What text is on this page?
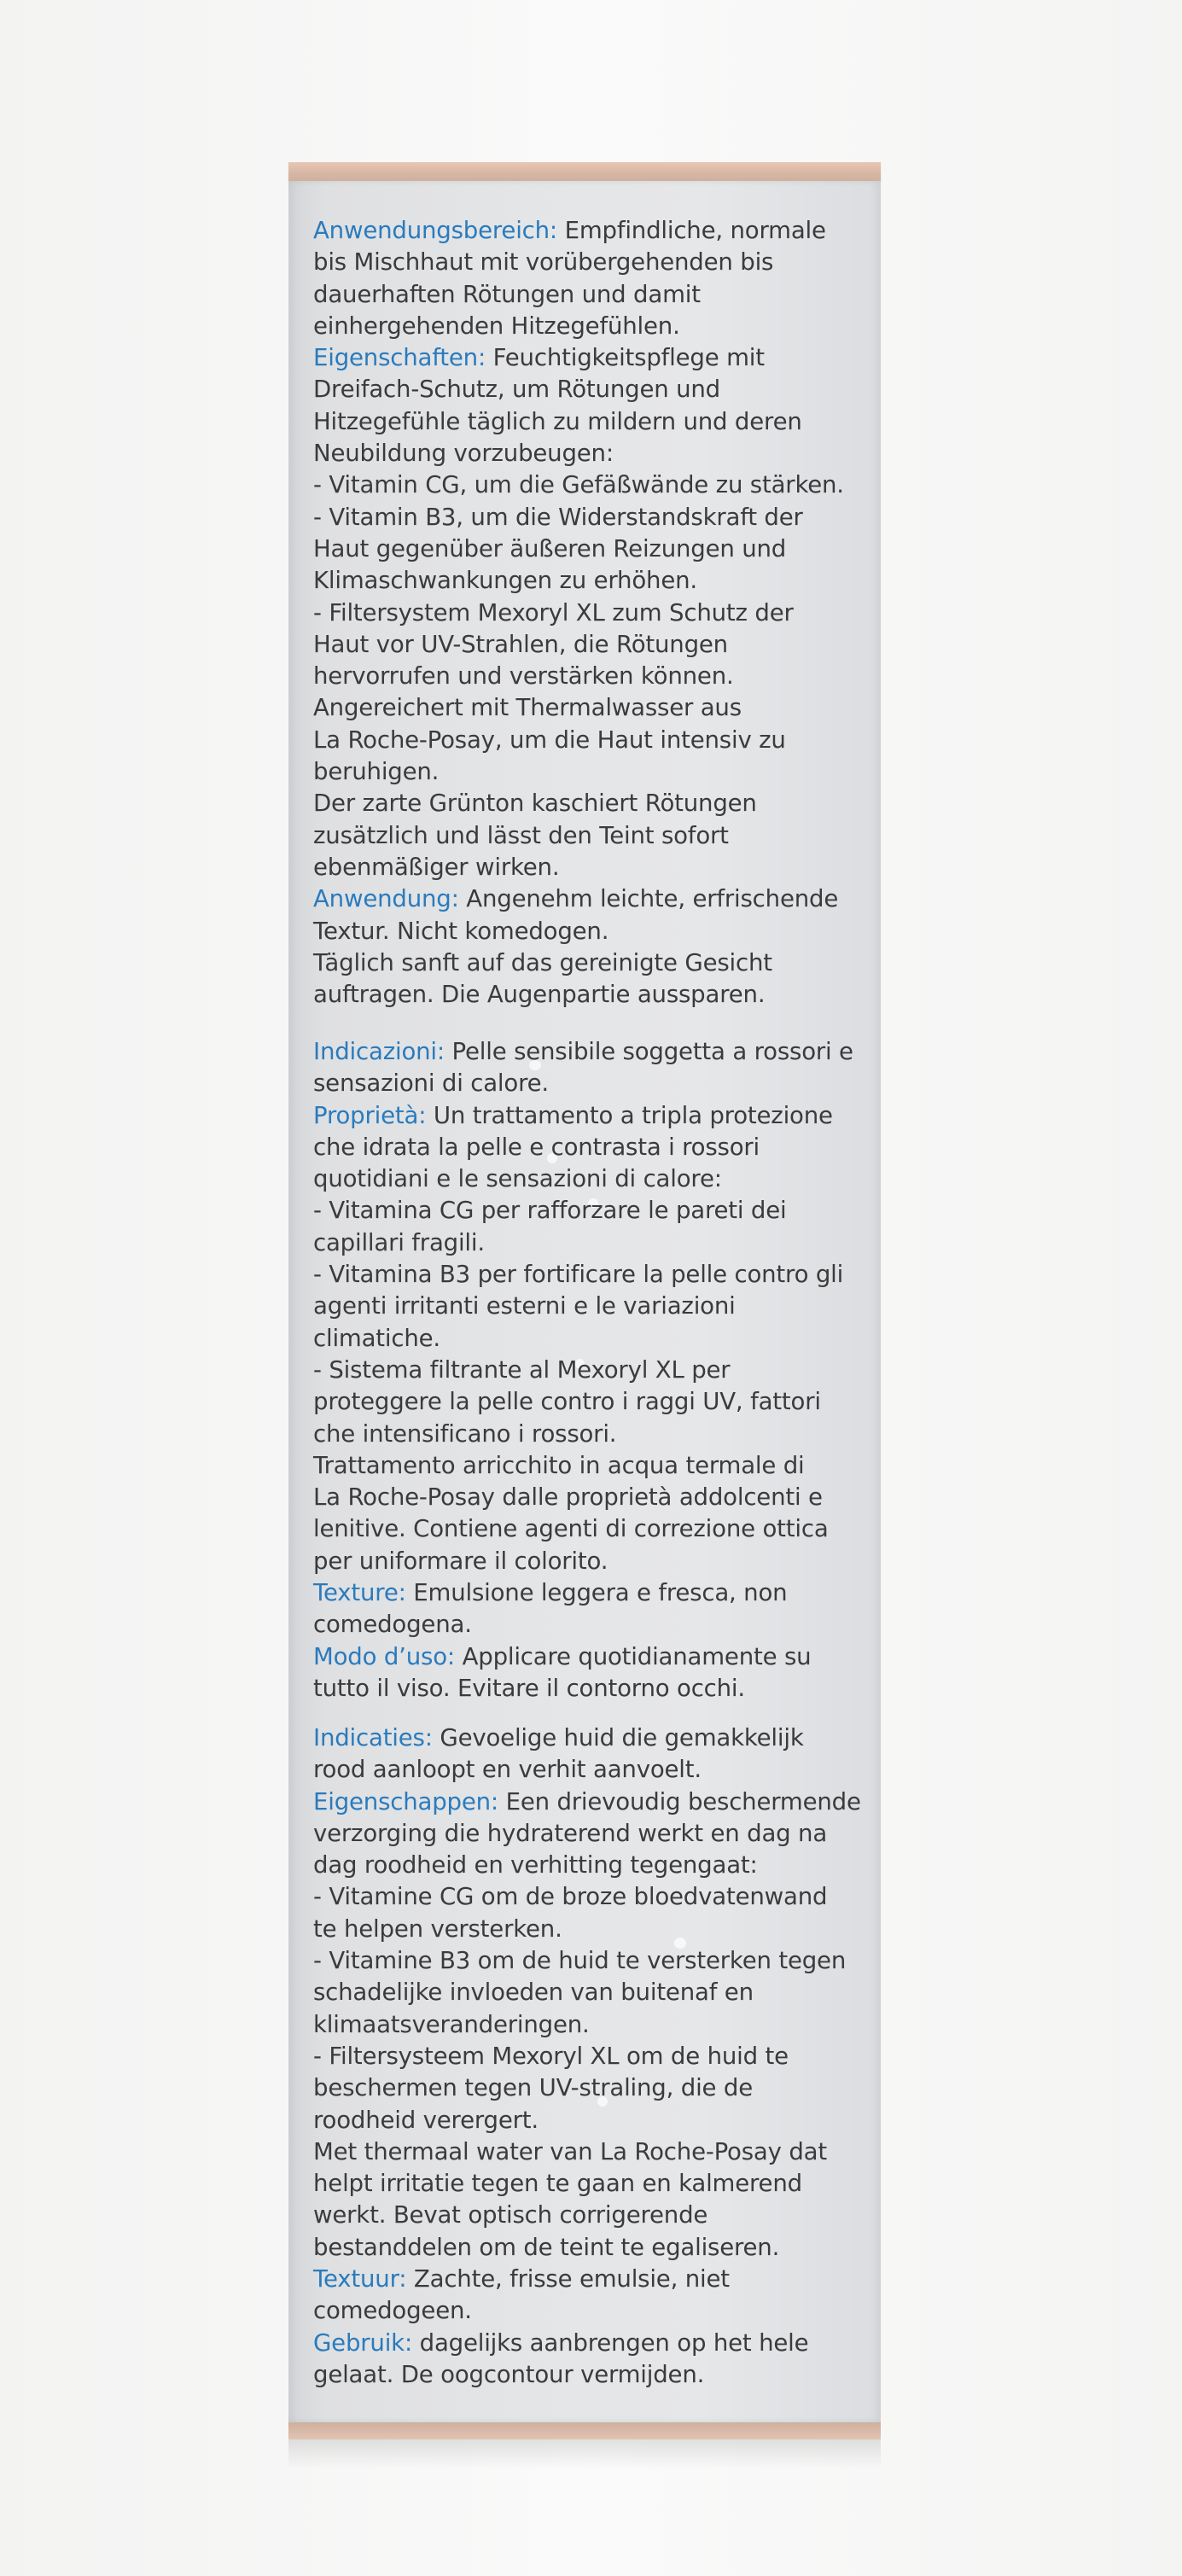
Anwendungsbereich: Empfindliche, normale
bis Mischhaut mit vorübergehenden bis
dauerhaften Rötungen und damit
einhergehenden Hitzegefühlen.
Eigenschaften: Feuchtigkeitspflege mit
Dreifach-Schutz, um Rötungen und
Hitzegefühle täglich zu mildern und deren
Neubildung vorzubeugen:
- Vitamin CG, um die Gefäßwände zu stärken.
- Vitamin B3, um die Widerstandskraft der
Haut gegenüber äußeren Reizungen und
Klimaschwankungen zu erhöhen.
- Filtersystem Mexoryl XL zum Schutz der
Haut vor UV-Strahlen, die Rötungen
hervorrufen und verstärken können.
Angereichert mit Thermalwasser aus
La Roche-Posay, um die Haut intensiv zu
beruhigen.
Der zarte Grünton kaschiert Rötungen
zusätzlich und lässt den Teint sofort
ebenmäßiger wirken.
Anwendung: Angenehm leichte, erfrischende
Textur. Nicht komedogen.
Täglich sanft auf das gereinigte Gesicht
auftragen. Die Augenpartie aussparen.
Indicazioni: Pelle sensibile soggetta a rossori e
sensazioni di calore.
Proprietà: Un trattamento a tripla protezione
che idrata la pelle e contrasta i rossori
quotidiani e le sensazioni di calore:
- Vitamina CG per rafforzare le pareti dei
capillari fragili.
- Vitamina B3 per fortificare la pelle contro gli
agenti irritanti esterni e le variazioni
climatiche.
- Sistema filtrante al Mexoryl XL per
proteggere la pelle contro i raggi UV, fattori
che intensificano i rossori.
Trattamento arricchito in acqua termale di
La Roche-Posay dalle proprietà addolcenti e
lenitive. Contiene agenti di correzione ottica
per uniformare il colorito.
Texture: Emulsione leggera e fresca, non
comedogena.
Modo d’uso: Applicare quotidianamente su
tutto il viso. Evitare il contorno occhi.
Indicaties: Gevoelige huid die gemakkelijk
rood aanloopt en verhit aanvoelt.
Eigenschappen: Een drievoudig beschermende
verzorging die hydraterend werkt en dag na
dag roodheid en verhitting tegengaat:
- Vitamine CG om de broze bloedvatenwand
te helpen versterken.
- Vitamine B3 om de huid te versterken tegen
schadelijke invloeden van buitenaf en
klimaatsveranderingen.
- Filtersysteem Mexoryl XL om de huid te
beschermen tegen UV-straling, die de
roodheid verergert.
Met thermaal water van La Roche-Posay dat
helpt irritatie tegen te gaan en kalmerend
werkt. Bevat optisch corrigerende
bestanddelen om de teint te egaliseren.
Textuur: Zachte, frisse emulsie, niet
comedogeen.
Gebruik: dagelijks aanbrengen op het hele
gelaat. De oogcontour vermijden.
